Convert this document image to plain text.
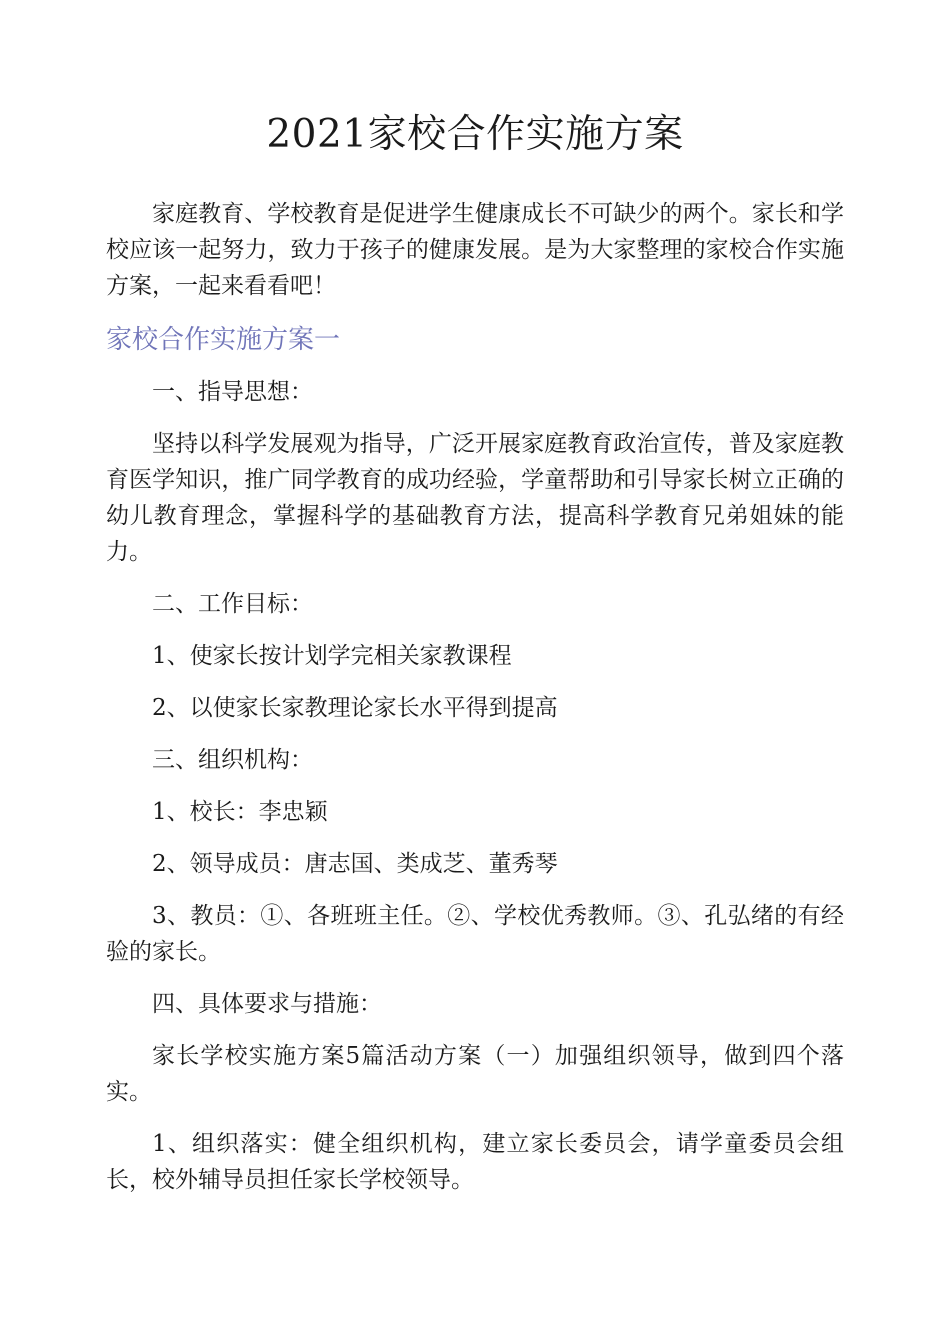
2021家校合作实施方案

家庭教育、学校教育是促进学生健康成长不可缺少的两个。家长和学校应该一起努力，致力于孩子的健康发展。是为大家整理的家校合作实施方案，一起来看看吧！

家校合作实施方案一

一、指导思想：

坚持以科学发展观为指导，广泛开展家庭教育政治宣传，普及家庭教育医学知识，推广同学教育的成功经验，学童帮助和引导家长树立正确的幼儿教育理念，掌握科学的基础教育方法，提高科学教育兄弟姐妹的能力。

二、工作目标：

1、使家长按计划学完相关家教课程

2、以使家长家教理论家长水平得到提高

三、组织机构：

1、校长：李忠颖

2、领导成员：唐志国、类成芝、董秀琴

3、教员：①、各班班主任。②、学校优秀教师。③、孔弘绪的有经验的家长。

四、具体要求与措施：

家长学校实施方案5篇活动方案（一）加强组织领导，做到四个落实。

1、组织落实：健全组织机构，建立家长委员会，请学童委员会组长，校外辅导员担任家长学校领导。
